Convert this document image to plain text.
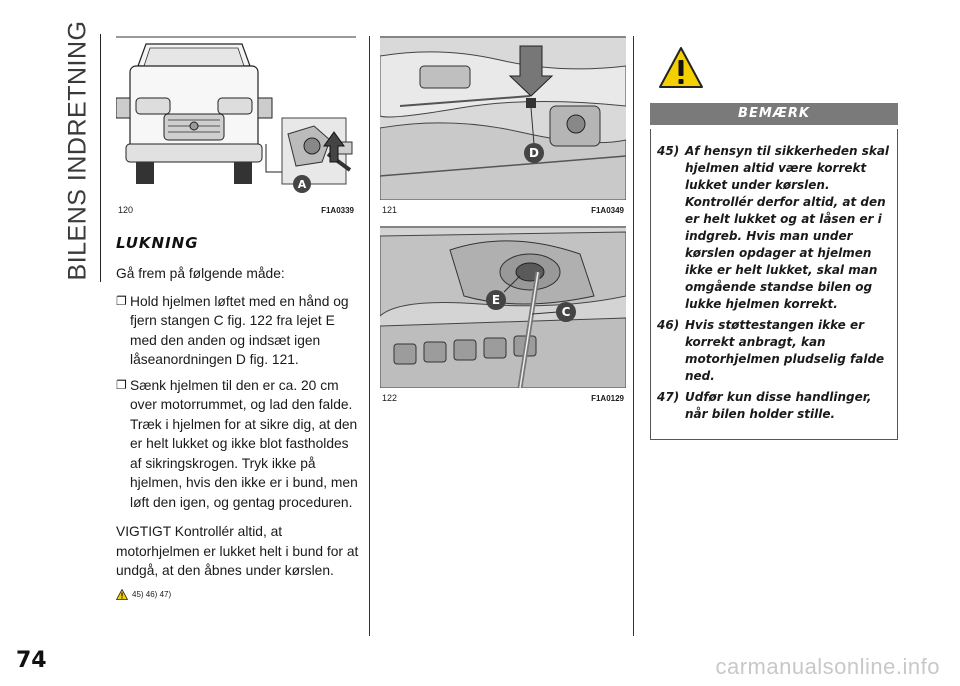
BILENS INDRETNING	A
120	F1A0339
D
121	F1A0349
E
C
122	F1A0129
LUKNING
Gå frem på følgende måde:
❐ Hold hjelmen løftet med en hånd og fjern stangen C fig. 122 fra lejet E med den anden og indsæt igen låseanordningen D fig. 121.
❐ Sænk hjelmen til den er ca. 20 cm over motorrummet, og lad den falde. Træk i hjelmen for at sikre dig, at den er helt lukket og ikke blot fastholdes af sikringskrogen. Tryk ikke på hjelmen, hvis den ikke er i bund, men løft den igen, og gentag proceduren.
VIGTIGT Kontrollér altid, at motorhjelmen er lukket helt i bund for at undgå, at den åbnes under kørslen.
45) 46) 47)
BEMÆRK
45) Af hensyn til sikkerheden skal hjelmen altid være korrekt lukket under kørslen. Kontrollér derfor altid, at den er helt lukket og at låsen er i indgreb. Hvis man under kørslen opdager at hjelmen ikke er helt lukket, skal man omgående standse bilen og lukke hjelmen korrekt.
46) Hvis støttestangen ikke er korrekt anbragt, kan motorhjelmen pludselig falde ned.
47) Udfør kun disse handlinger, når bilen holder stille.
74	carmanualsonline.info
